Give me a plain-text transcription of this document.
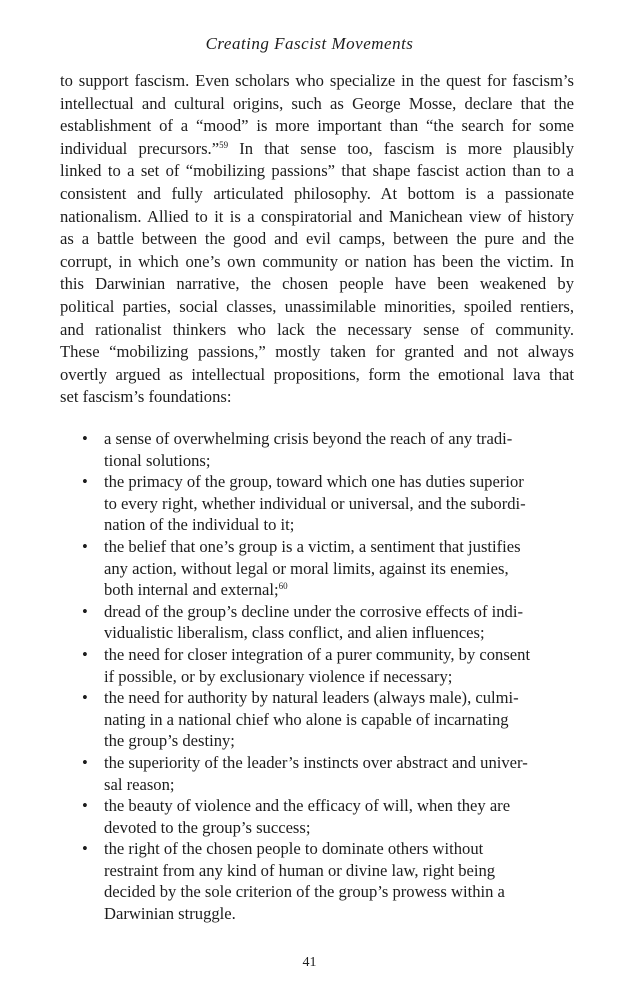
Creating Fascist Movements

to support fascism. Even scholars who specialize in the quest for fascism’s
intellectual and cultural origins, such as George Mosse, declare that the
establishment of a “mood” is more important than “the search for some
individual precursors.”$^{59}$ In that sense too, fascism is more plausibly
linked to a set of “mobilizing passions” that shape fascist action than to a
consistent and fully articulated philosophy. At bottom is a passionate
nationalism. Allied to it is a conspiratorial and Manichean view of history
as a battle between the good and evil camps, between the pure and the
corrupt, in which one’s own community or nation has been the victim. In
this Darwinian narrative, the chosen people have been weakened by
political parties, social classes, unassimilable minorities, spoiled rentiers,
and rationalist thinkers who lack the necessary sense of community.
These “mobilizing passions,” mostly taken for granted and not always
overtly argued as intellectual propositions, form the emotional lava that
set fascism’s foundations:

• a sense of overwhelming crisis beyond the reach of any tradi-
tional solutions;
• the primacy of the group, toward which one has duties superior
to every right, whether individual or universal, and the subordi-
nation of the individual to it;
• the belief that one’s group is a victim, a sentiment that justifies
any action, without legal or moral limits, against its enemies,
both internal and external;$^{60}$
• dread of the group’s decline under the corrosive effects of indi-
vidualistic liberalism, class conflict, and alien influences;
• the need for closer integration of a purer community, by consent
if possible, or by exclusionary violence if necessary;
• the need for authority by natural leaders (always male), culmi-
nating in a national chief who alone is capable of incarnating
the group’s destiny;
• the superiority of the leader’s instincts over abstract and univer-
sal reason;
• the beauty of violence and the efficacy of will, when they are
devoted to the group’s success;
• the right of the chosen people to dominate others without
restraint from any kind of human or divine law, right being
decided by the sole criterion of the group’s prowess within a
Darwinian struggle.
41
